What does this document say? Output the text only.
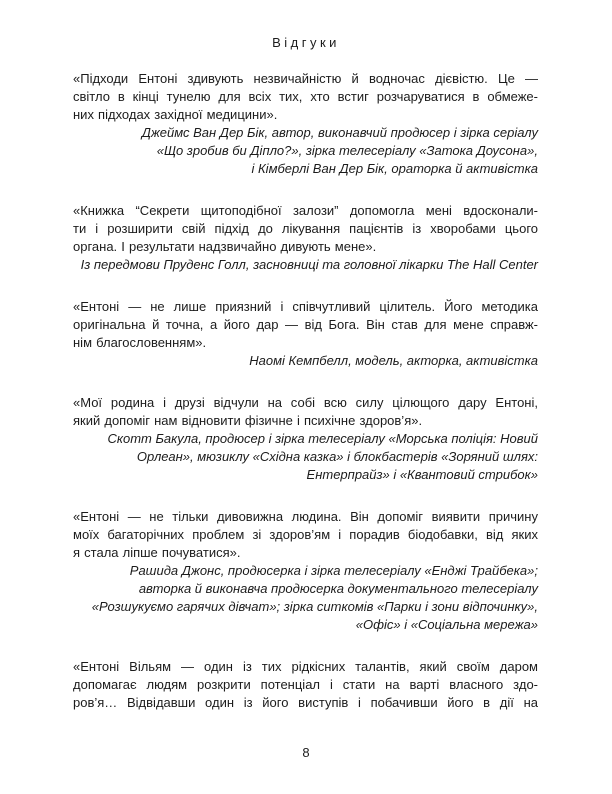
Відгуки
«Підходи Ентоні здивують незвичайністю й водночас дієвістю. Це —
світло в кінці тунелю для всіх тих, хто встиг розчаруватися в обмеже-
них підходах західної медицини».
Джеймс Ван Дер Бік, автор, виконавчий продюсер і зірка серіалу
«Що зробив би Діпло?», зірка телесеріалу «Затока Доусона»,
і Кімберлі Ван Дер Бік, ораторка й активістка
«Книжка “Секрети щитоподібної залози” допомогла мені вдосконали-
ти і розширити свій підхід до лікування пацієнтів із хворобами цього
органа. І результати надзвичайно дивують мене».
Із передмови Пруденс Голл, засновниці та головної лікарки The Hall Center
«Ентоні — не лише приязний і співчутливий цілитель. Його методика
оригінальна й точна, а його дар — від Бога. Він став для мене справж-
нім благословенням».
Наомі Кемпбелл, модель, акторка, активістка
«Мої родина і друзі відчули на собі всю силу цілющого дару Ентоні,
який допоміг нам відновити фізичне і психічне здоров’я».
Скотт Бакула, продюсер і зірка телесеріалу «Морська поліція: Новий
Орлеан», мюзиклу «Східна казка» і блокбастерів «Зоряний шлях:
Ентерпрайз» і «Квантовий стрибок»
«Ентоні — не тільки дивовижна людина. Він допоміг виявити причину
моїх багаторічних проблем зі здоров’ям і порадив біодобавки, від яких
я стала ліпше почуватися».
Рашида Джонс, продюсерка і зірка телесеріалу «Енджі Трайбека»;
авторка й виконавча продюсерка документального телесеріалу
«Розшукуємо гарячих дівчат»; зірка ситкомів «Парки і зони відпочинку»,
«Офіс» і «Соціальна мережа»
«Ентоні Вільям — один із тих рідкісних талантів, який своїм даром
допомагає людям розкрити потенціал і стати на варті власного здо-
ров’я… Відвідавши один із його виступів і побачивши його в дії на
8
